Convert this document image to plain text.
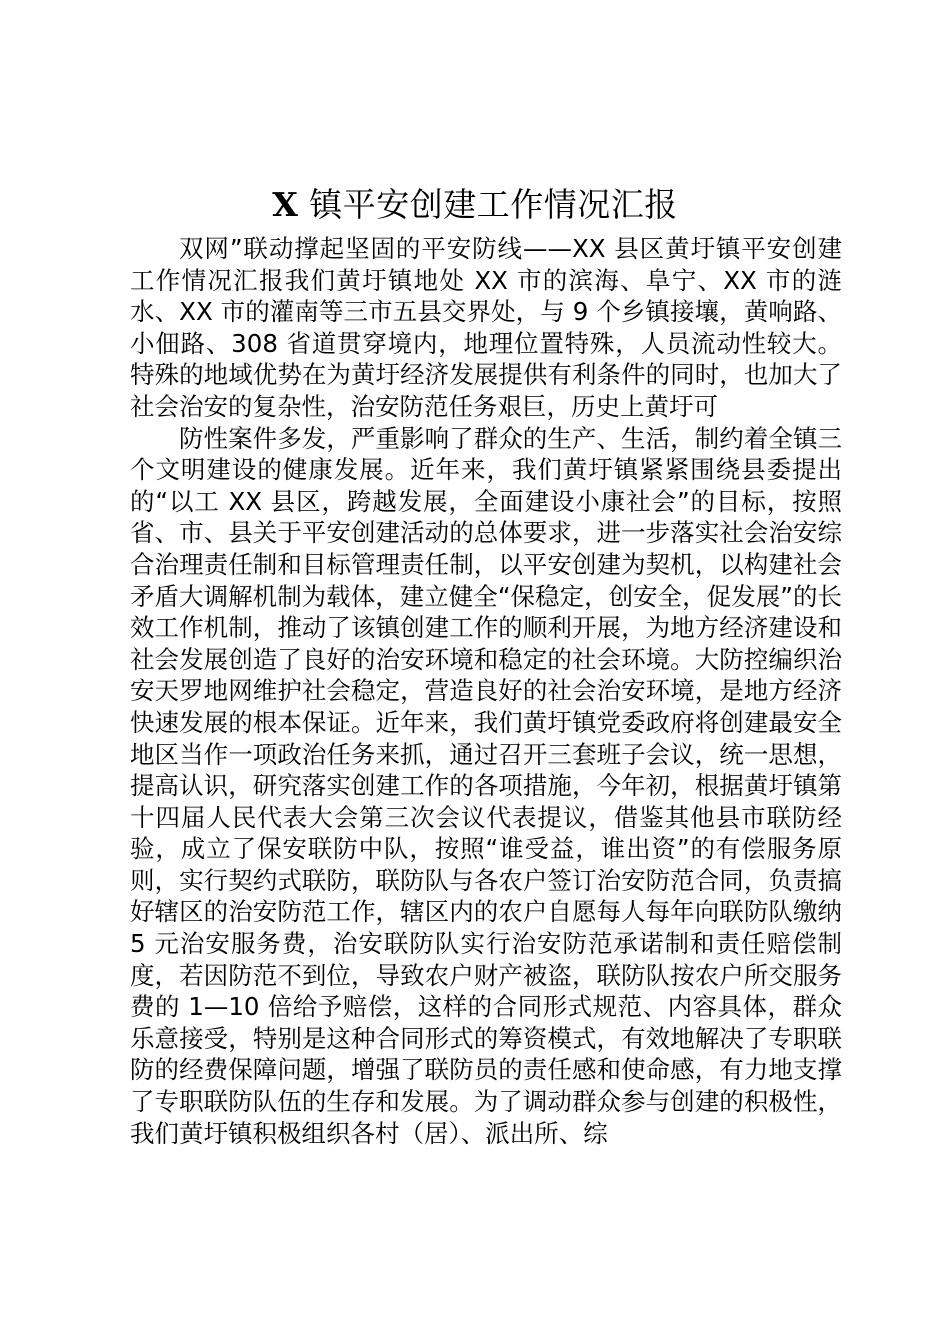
X 镇平安创建工作情况汇报

双网”联动撑起坚固的平安防线——XX 县区黄圩镇平安创建工作情况汇报我们黄圩镇地处 XX 市的滨海、阜宁、XX 市的涟水、XX 市的灌南等三市五县交界处，与 9 个乡镇接壤，黄响路、小佃路、308 省道贯穿境内，地理位置特殊，人员流动性较大。特殊的地域优势在为黄圩经济发展提供有利条件的同时，也加大了社会治安的复杂性，治安防范任务艰巨，历史上黄圩可

防性案件多发，严重影响了群众的生产、生活，制约着全镇三个文明建设的健康发展。近年来，我们黄圩镇紧紧围绕县委提出的“以工 XX 县区，跨越发展，全面建设小康社会”的目标，按照省、市、县关于平安创建活动的总体要求，进一步落实社会治安综合治理责任制和目标管理责任制，以平安创建为契机，以构建社会矛盾大调解机制为载体，建立健全“保稳定，创安全，促发展”的长效工作机制，推动了该镇创建工作的顺利开展，为地方经济建设和社会发展创造了良好的治安环境和稳定的社会环境。大防控编织治安天罗地网维护社会稳定，营造良好的社会治安环境，是地方经济快速发展的根本保证。近年来，我们黄圩镇党委政府将创建最安全地区当作一项政治任务来抓，通过召开三套班子会议，统一思想，提高认识，研究落实创建工作的各项措施，今年初，根据黄圩镇第十四届人民代表大会第三次会议代表提议，借鉴其他县市联防经验，成立了保安联防中队，按照“谁受益，谁出资”的有偿服务原则，实行契约式联防，联防队与各农户签订治安防范合同，负责搞好辖区的治安防范工作，辖区内的农户自愿每人每年向联防队缴纳 5 元治安服务费，治安联防队实行治安防范承诺制和责任赔偿制度，若因防范不到位，导致农户财产被盗，联防队按农户所交服务费的 1—10 倍给予赔偿，这样的合同形式规范、内容具体，群众乐意接受，特别是这种合同形式的筹资模式，有效地解决了专职联防的经费保障问题，增强了联防员的责任感和使命感，有力地支撑了专职联防队伍的生存和发展。为了调动群众参与创建的积极性，我们黄圩镇积极组织各村（居）、派出所、综
